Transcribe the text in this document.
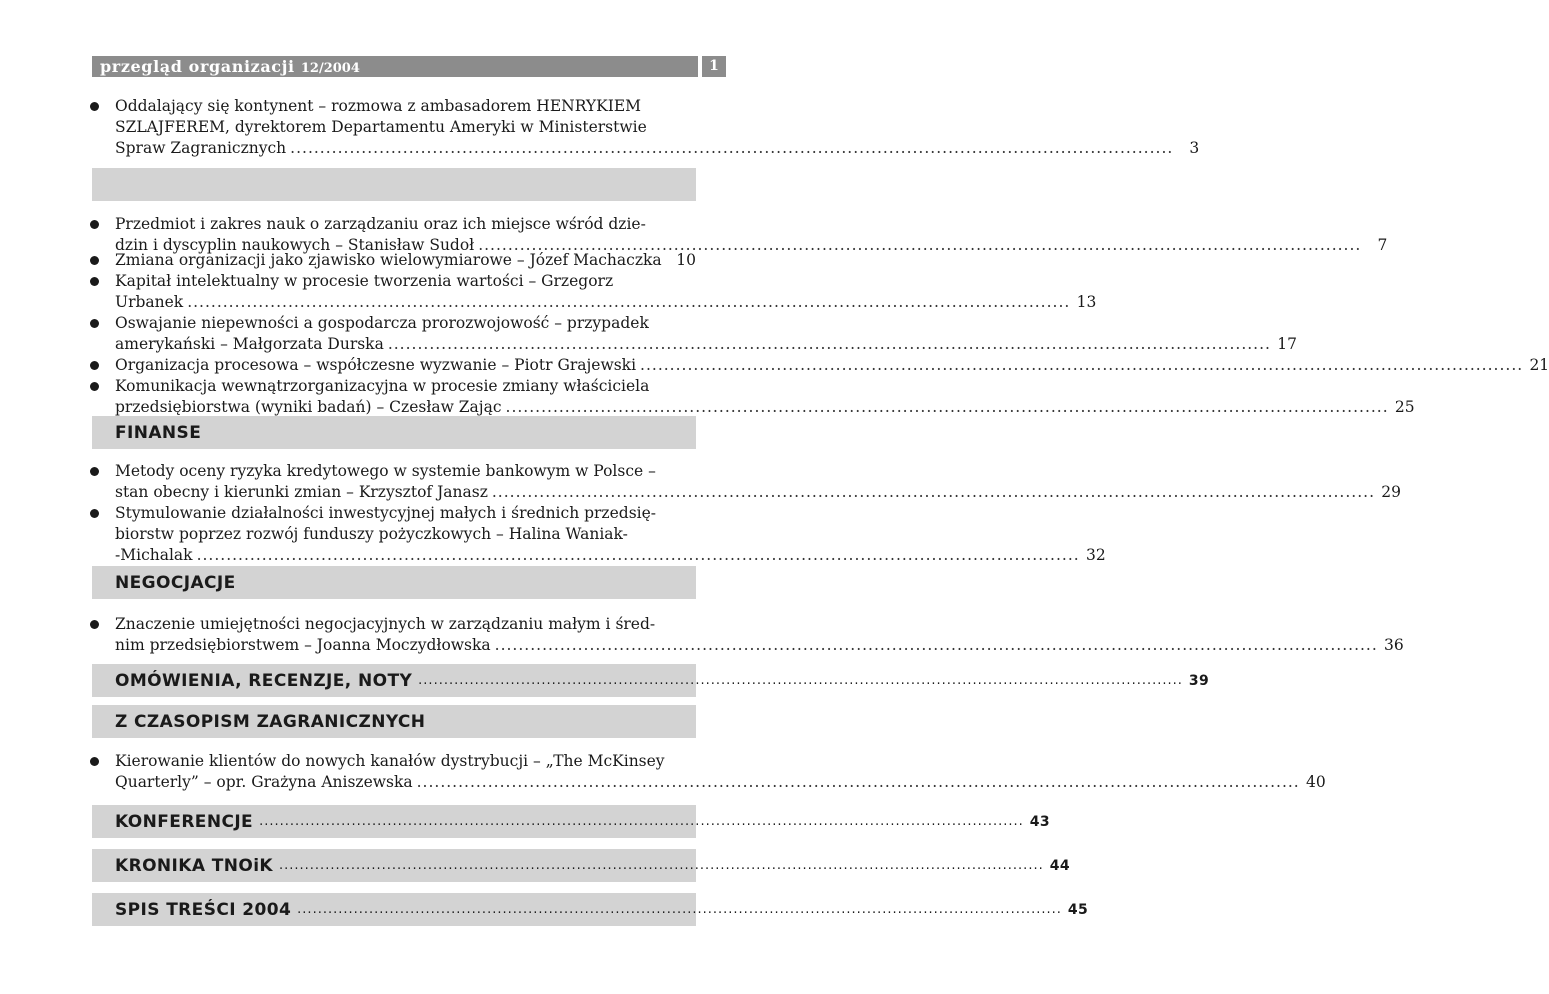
przegląd organizacji 12/2004	1
Oddalający się kontynent – rozmowa z ambasadorem HENRYKIEM
SZLAJFEREM, dyrektorem Departamentu Ameryki w Ministerstwie
Spraw Zagranicznych .....................................................................................................................................................	3
Przedmiot i zakres nauk o zarządzaniu oraz ich miejsce wśród dzie-
dzin i dyscyplin naukowych – Stanisław Sudoł .....................................................................................................................................................	7
Zmiana organizacji jako zjawisko wielowymiarowe – Józef Machaczka 10
Kapitał intelektualny w procesie tworzenia wartości – Grzegorz
Urbanek ..................................................................................................................................................... 13
Oswajanie niepewności a gospodarcza prorozwojowość – przypadek
amerykański – Małgorzata Durska ..................................................................................................................................................... 17
Organizacja procesowa – współczesne wyzwanie – Piotr Grajewski ..................................................................................................................................................... 21
Komunikacja wewnątrzorganizacyjna w procesie zmiany właściciela
przedsiębiorstwa (wyniki badań) – Czesław Zając ..................................................................................................................................................... 25
FINANSE
Metody oceny ryzyka kredytowego w systemie bankowym w Polsce –
stan obecny i kierunki zmian – Krzysztof Janasz ..................................................................................................................................................... 29
Stymulowanie działalności inwestycyjnej małych i średnich przedsię-
biorstw poprzez rozwój funduszy pożyczkowych – Halina Waniak-
-Michalak ..................................................................................................................................................... 32
NEGOCJACJE
Znaczenie umiejętności negocjacyjnych w zarządzaniu małym i śred-
nim przedsiębiorstwem – Joanna Moczydłowska ..................................................................................................................................................... 36
OMÓWIENIA, RECENZJE, NOTY ..................................................................................................................................................... 39
Z CZASOPISM ZAGRANICZNYCH
Kierowanie klientów do nowych kanałów dystrybucji – „The McKinsey
Quarterly” – opr. Grażyna Aniszewska ..................................................................................................................................................... 40
KONFERENCJE ..................................................................................................................................................... 43
KRONIKA TNOiK ..................................................................................................................................................... 44
SPIS TREŚCI 2004 ..................................................................................................................................................... 45
